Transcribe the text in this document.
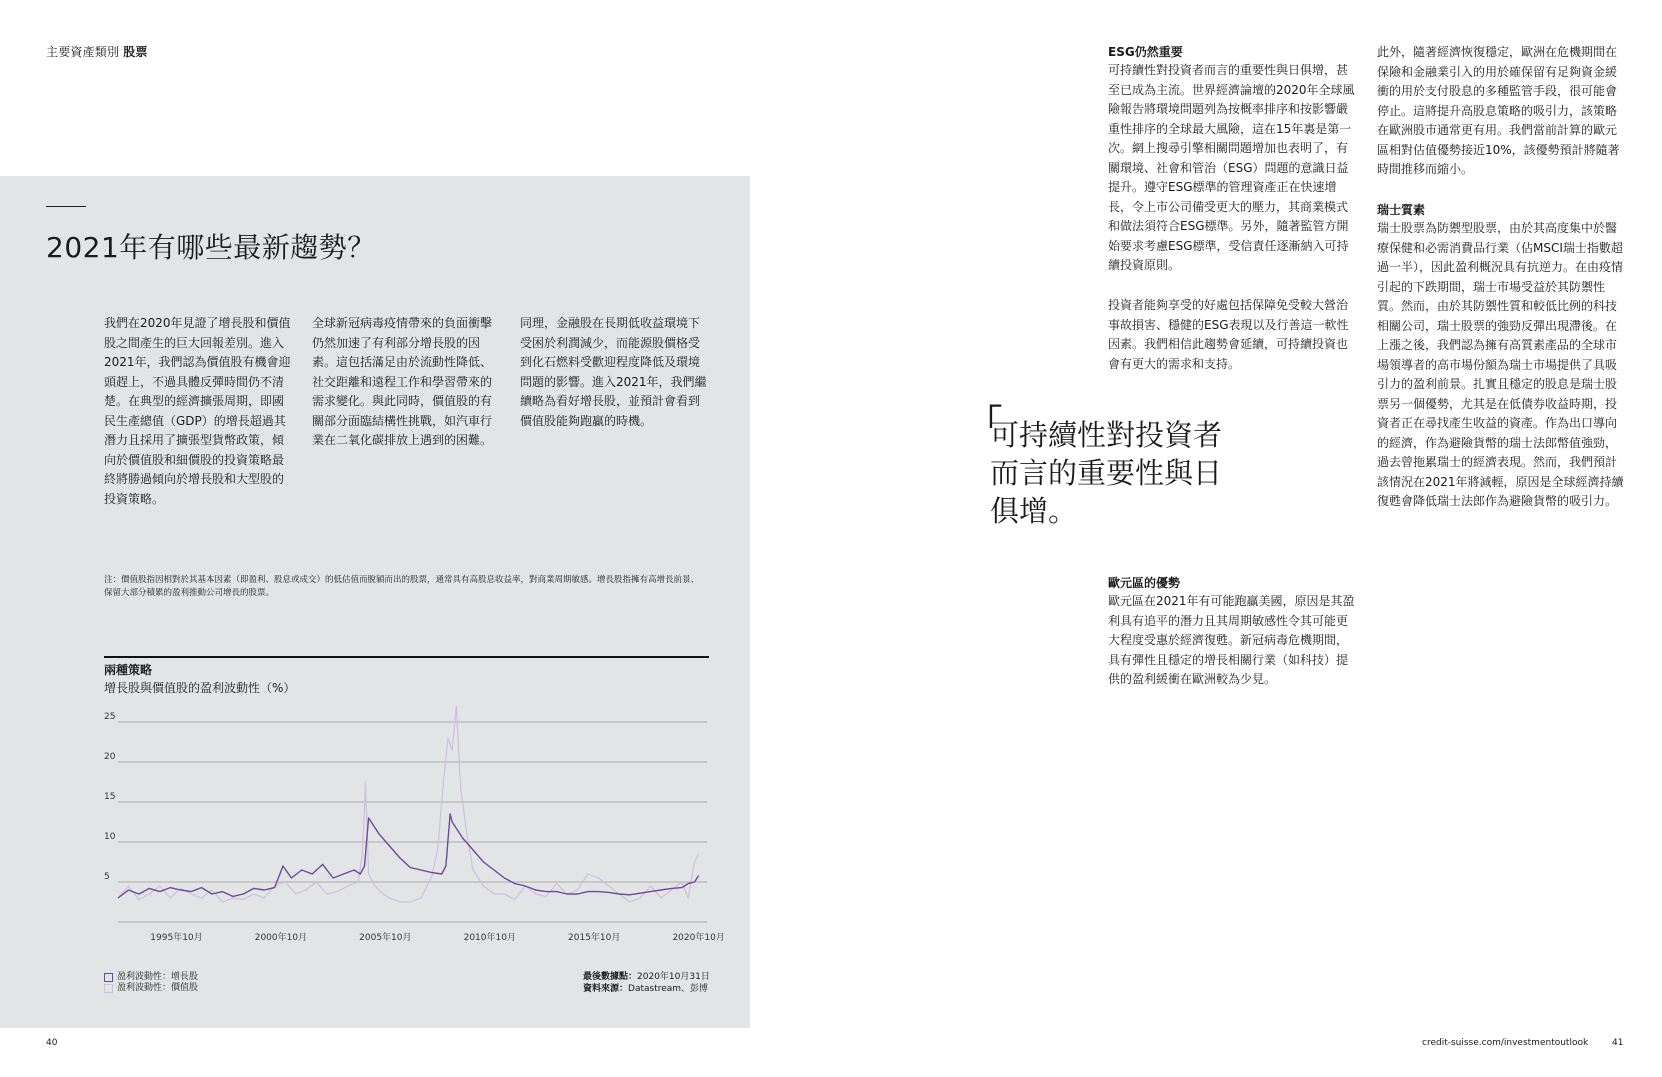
主要資產類別 股票
2021年有哪些最新趨勢？
我們在2020年見證了增長股和價值股之間產生的巨大回報差別。進入2021年，我們認為價值股有機會迎頭趕上，不過具體反彈時間仍不清楚。在典型的經濟擴張周期，即國民生產總值（GDP）的增長超過其潛力且採用了擴張型貨幣政策，傾向於價值股和細價股的投資策略最終將勝過傾向於增長股和大型股的投資策略。
全球新冠病毒疫情帶來的負面衝擊仍然加速了有利部分增長股的因素。這包括滿足由於流動性降低、社交距離和遠程工作和學習帶來的需求變化。與此同時，價值股的有關部分面臨結構性挑戰，如汽車行業在二氧化碳排放上遇到的困難。
同理，金融股在長期低收益環境下受困於利潤減少，而能源股價格受到化石燃料受歡迎程度降低及環境問題的影響。進入2021年，我們繼續略為看好增長股，並預計會看到價值股能夠跑贏的時機。
注：價值股指因相對於其基本因素（即盈利、股息或成交）的低估值而脫穎而出的股票，通常具有高股息收益率，對商業周期敏感。增長股指擁有高增長前景、保留大部分積累的盈利推動公司增長的股票。
兩種策略
增長股與價值股的盈利波動性（%）
5
10
15
20
25
1995年10月	2000年10月	2005年10月	2010年10月	2015年10月	2020年10月
盈利波動性：增長股
盈利波動性：價值股
最後數據點：2020年10月31日
資料來源：Datastream、彭博
40
ESG仍然重要
可持續性對投資者而言的重要性與日俱增，甚至已成為主流。世界經濟論壇的2020年全球風險報告將環境問題列為按概率排序和按影響嚴重性排序的全球最大風險，這在15年裏是第一次。網上搜尋引擎相關問題增加也表明了，有關環境、社會和管治（ESG）問題的意識日益提升。遵守ESG標準的管理資產正在快速增長，令上市公司備受更大的壓力，其商業模式和做法須符合ESG標準。另外，隨著監管方開始要求考慮ESG標準，受信責任逐漸納入可持續投資原則。
投資者能夠享受的好處包括保障免受較大營治事故損害、穩健的ESG表現以及行善這一軟性因素。我們相信此趨勢會延續，可持續投資也會有更大的需求和支持。
「
可持續性對投資者而言的重要性與日俱增。
歐元區的優勢
歐元區在2021年有可能跑贏美國，原因是其盈利具有追平的潛力且其周期敏感性令其可能更大程度受惠於經濟復甦。新冠病毒危機期間，具有彈性且穩定的增長相關行業（如科技）提供的盈利緩衝在歐洲較為少見。
此外，隨著經濟恢復穩定，歐洲在危機期間在保險和金融業引入的用於確保留有足夠資金緩衝的用於支付股息的多種監管手段，很可能會停止。這將提升高股息策略的吸引力，該策略在歐洲股市通常更有用。我們當前計算的歐元區相對估值優勢接近10%，該優勢預計將隨著時間推移而縮小。
瑞士質素
瑞士股票為防禦型股票，由於其高度集中於醫療保健和必需消費品行業（佔MSCI瑞士指數超過一半），因此盈利概況具有抗逆力。在由疫情引起的下跌期間，瑞士市場受益於其防禦性質。然而，由於其防禦性質和較低比例的科技相關公司，瑞士股票的強勁反彈出現滯後。在上漲之後，我們認為擁有高質素產品的全球市場領導者的高市場份額為瑞士市場提供了具吸引力的盈利前景。扎實且穩定的股息是瑞士股票另一個優勢，尤其是在低債券收益時期，投資者正在尋找產生收益的資產。作為出口導向的經濟，作為避險貨幣的瑞士法郎幣值強勁，過去曾拖累瑞士的經濟表現。然而，我們預計該情況在2021年將減輕，原因是全球經濟持續復甦會降低瑞士法郎作為避險貨幣的吸引力。
credit-suisse.com/investmentoutlook	41
